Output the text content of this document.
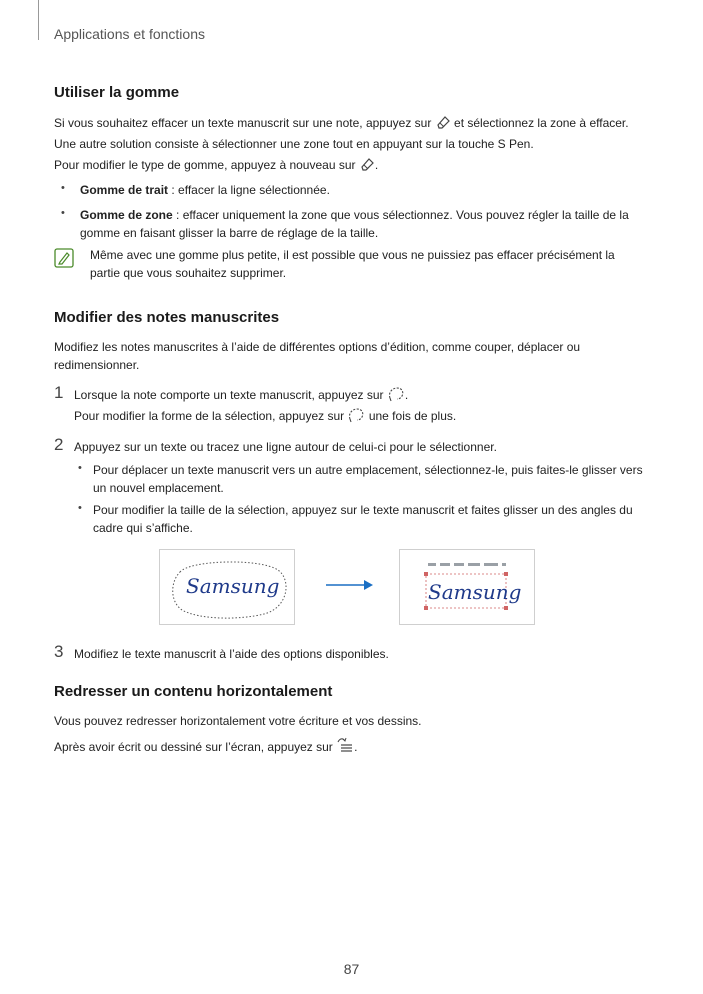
Applications et fonctions
Utiliser la gomme
Si vous souhaitez effacer un texte manuscrit sur une note, appuyez sur et sélectionnez la zone à effacer.
Une autre solution consiste à sélectionner une zone tout en appuyant sur la touche S Pen.
Pour modifier le type de gomme, appuyez à nouveau sur .
• Gomme de trait : effacer la ligne sélectionnée.
• Gomme de zone : effacer uniquement la zone que vous sélectionnez. Vous pouvez régler la taille de la gomme en faisant glisser la barre de réglage de la taille.
Même avec une gomme plus petite, il est possible que vous ne puissiez pas effacer précisément la partie que vous souhaitez supprimer.
Modifier des notes manuscrites
Modifiez les notes manuscrites à l’aide de différentes options d’édition, comme couper, déplacer ou redimensionner.
1 Lorsque la note comporte un texte manuscrit, appuyez sur .
Pour modifier la forme de la sélection, appuyez sur une fois de plus.
2 Appuyez sur un texte ou tracez une ligne autour de celui-ci pour le sélectionner.
• Pour déplacer un texte manuscrit vers un autre emplacement, sélectionnez-le, puis faites-le glisser vers un nouvel emplacement.
• Pour modifier la taille de la sélection, appuyez sur le texte manuscrit et faites glisser un des angles du cadre qui s’affiche.
Samsung	Samsung
3 Modifiez le texte manuscrit à l’aide des options disponibles.
Redresser un contenu horizontalement
Vous pouvez redresser horizontalement votre écriture et vos dessins.
Après avoir écrit ou dessiné sur l’écran, appuyez sur .
87
